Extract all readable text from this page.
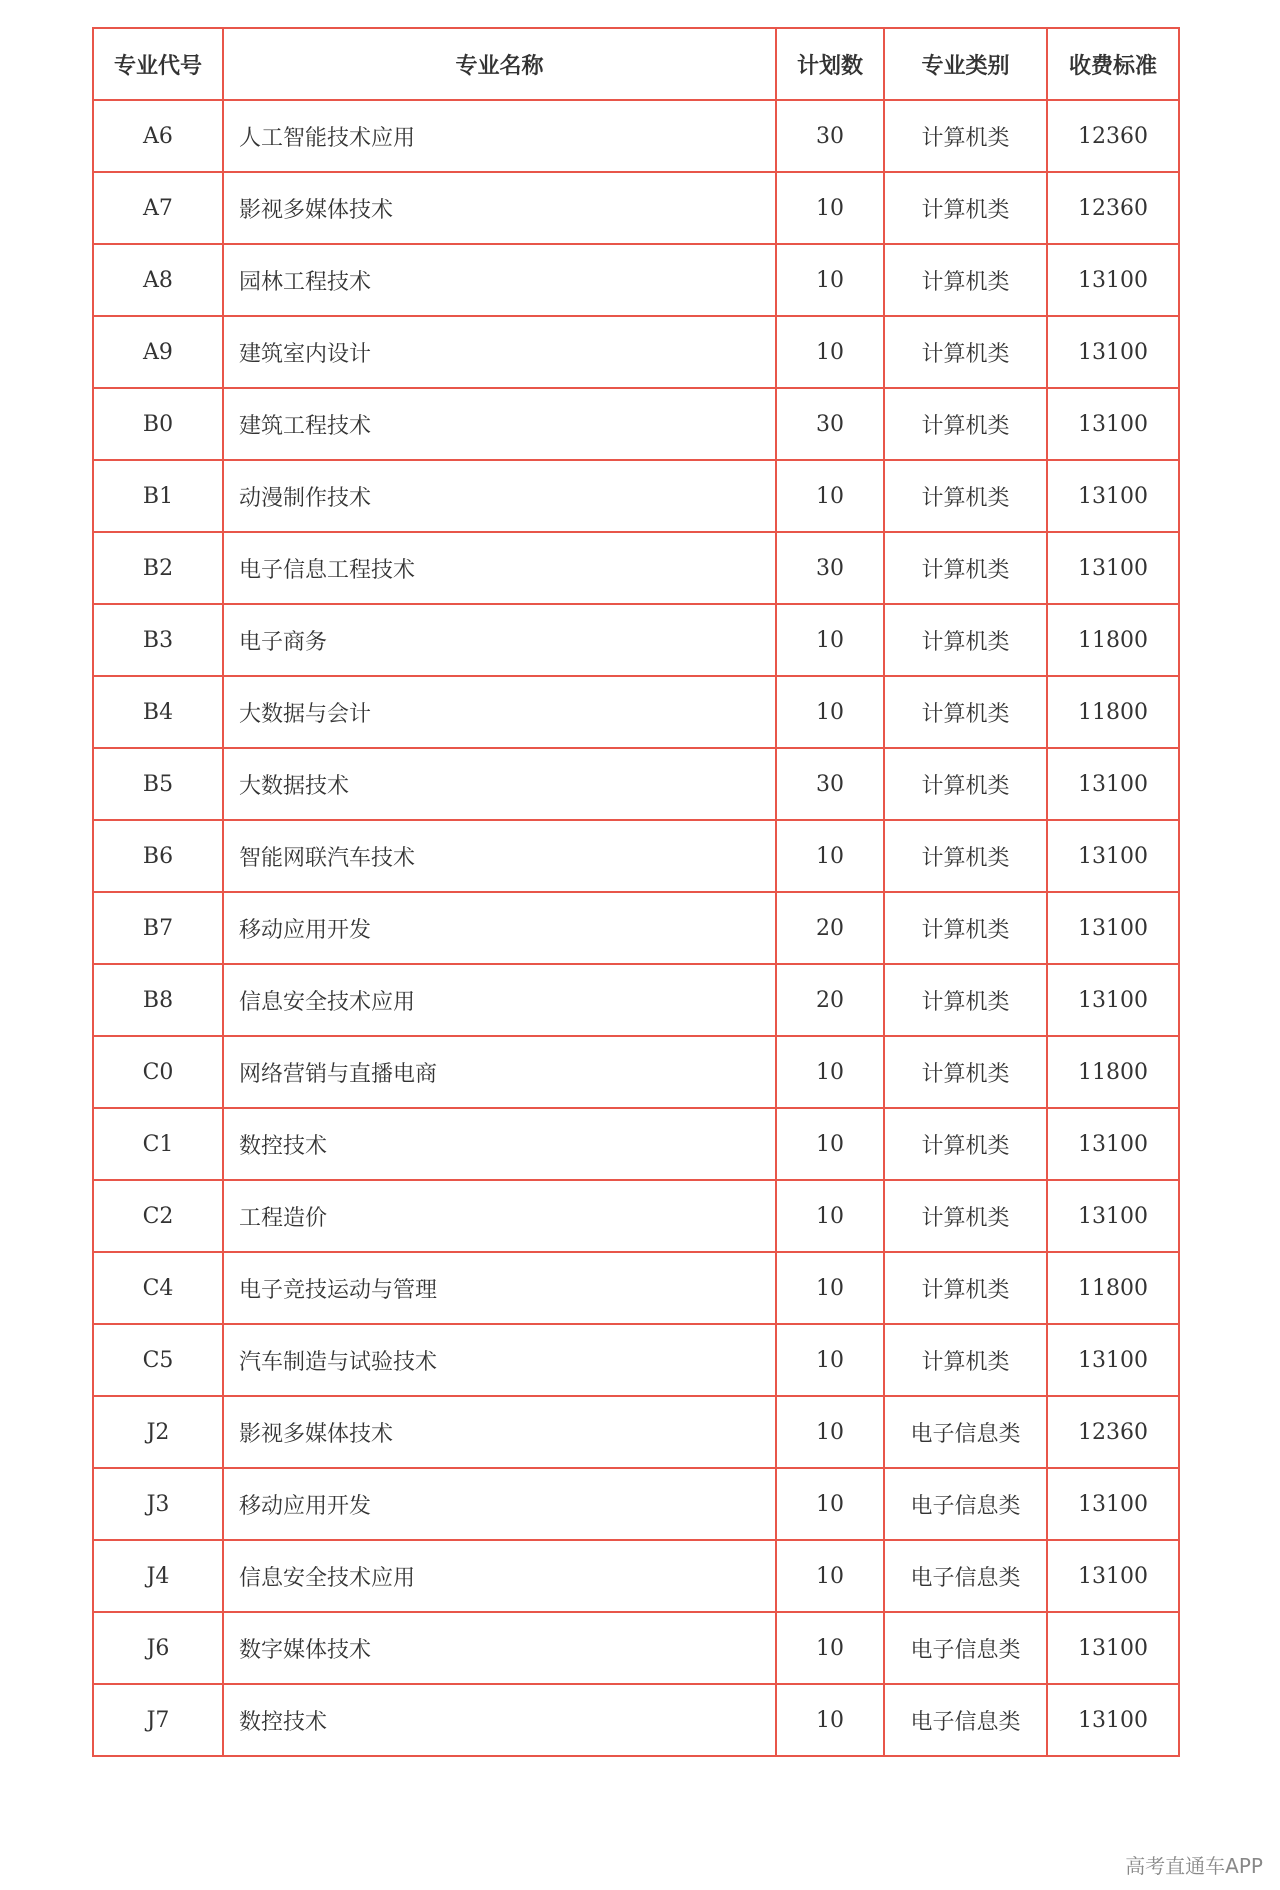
专业代号	专业名称	计划数	专业类别	收费标准
A6	人工智能技术应用	30	计算机类	12360
A7	影视多媒体技术	10	计算机类	12360
A8	园林工程技术	10	计算机类	13100
A9	建筑室内设计	10	计算机类	13100
B0	建筑工程技术	30	计算机类	13100
B1	动漫制作技术	10	计算机类	13100
B2	电子信息工程技术	30	计算机类	13100
B3	电子商务	10	计算机类	11800
B4	大数据与会计	10	计算机类	11800
B5	大数据技术	30	计算机类	13100
B6	智能网联汽车技术	10	计算机类	13100
B7	移动应用开发	20	计算机类	13100
B8	信息安全技术应用	20	计算机类	13100
C0	网络营销与直播电商	10	计算机类	11800
C1	数控技术	10	计算机类	13100
C2	工程造价	10	计算机类	13100
C4	电子竞技运动与管理	10	计算机类	11800
C5	汽车制造与试验技术	10	计算机类	13100
J2	影视多媒体技术	10	电子信息类	12360
J3	移动应用开发	10	电子信息类	13100
J4	信息安全技术应用	10	电子信息类	13100
J6	数字媒体技术	10	电子信息类	13100
J7	数控技术	10	电子信息类	13100
高考直通车APP
